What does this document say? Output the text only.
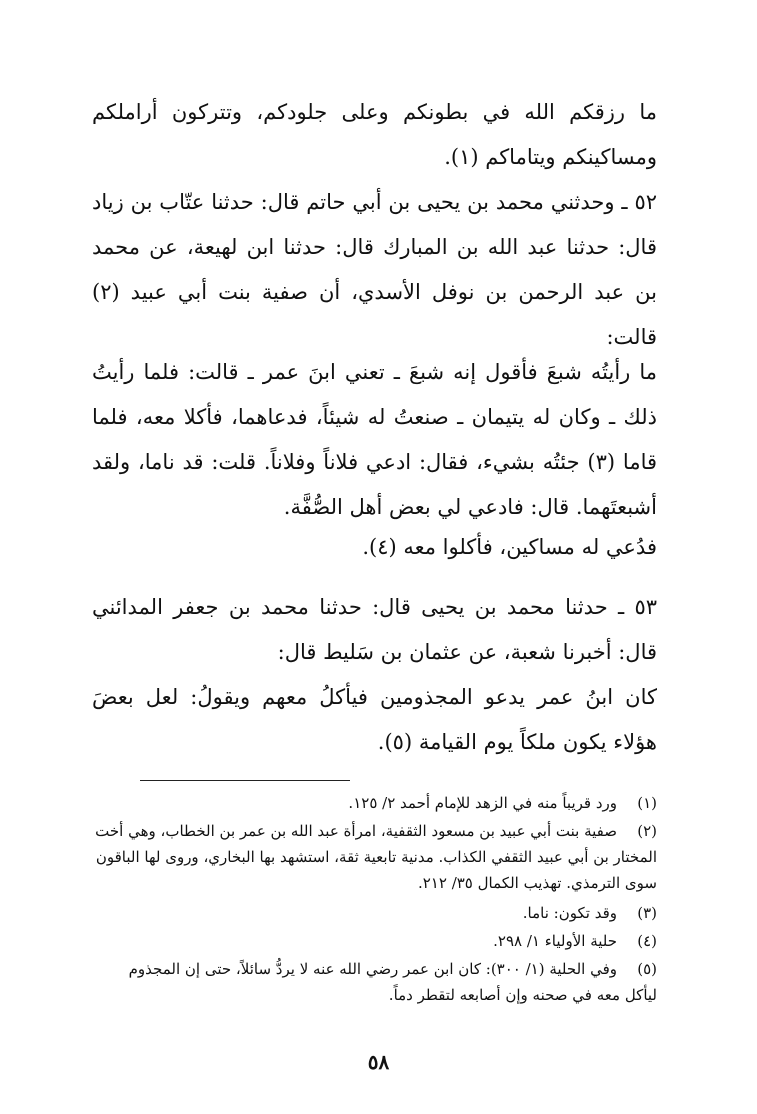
ما رزقكم الله في بطونكم وعلى جلودكم، وتتركون أراملكم ومساكينكم ويتاماكم (١).
٥٢ ـ وحدثني محمد بن يحيى بن أبي حاتم قال: حدثنا عتّاب بن زياد قال: حدثنا عبد الله بن المبارك قال: حدثنا ابن لهيعة، عن محمد بن عبد الرحمن بن نوفل الأسدي، أن صفية بنت أبي عبيد (٢) قالت:
ما رأيتُه شبعَ فأقول إنه شبعَ ـ تعني ابنَ عمر ـ قالت: فلما رأيتُ ذلك ـ وكان له يتيمان ـ صنعتُ له شيئاً، فدعاهما، فأكلا معه، فلما قاما (٣) جئتُه بشيء، فقال: ادعي فلاناً وفلاناً. قلت: قد ناما، ولقد أشبعتَهما. قال: فادعي لي بعض أهل الصُّفَّة.
فدُعي له مساكين، فأكلوا معه (٤).
٥٣ ـ حدثنا محمد بن يحيى قال: حدثنا محمد بن جعفر المدائني قال: أخبرنا شعبة، عن عثمان بن سَليط قال:
كان ابنُ عمر يدعو المجذومين فيأكلُ معهم ويقولُ: لعل بعضَ هؤلاء يكون ملكاً يوم القيامة (٥).
(١)ورد قريباً منه في الزهد للإمام أحمد ٢/ ١٢٥.
(٢)صفية بنت أبي عبيد بن مسعود الثقفية، امرأة عبد الله بن عمر بن الخطاب، وهي أخت المختار بن أبي عبيد الثقفي الكذاب. مدنية تابعية ثقة، استشهد بها البخاري، وروى لها الباقون سوى الترمذي. تهذيب الكمال ٣٥/ ٢١٢.
(٣)وقد تكون: ناما.
(٤)حلية الأولياء ١/ ٢٩٨.
(٥)وفي الحلية (١/ ٣٠٠): كان ابن عمر رضي الله عنه لا يردُّ سائلاً، حتى إن المجذوم ليأكل معه في صحنه وإن أصابعه لتقطر دماً.
٥٨
